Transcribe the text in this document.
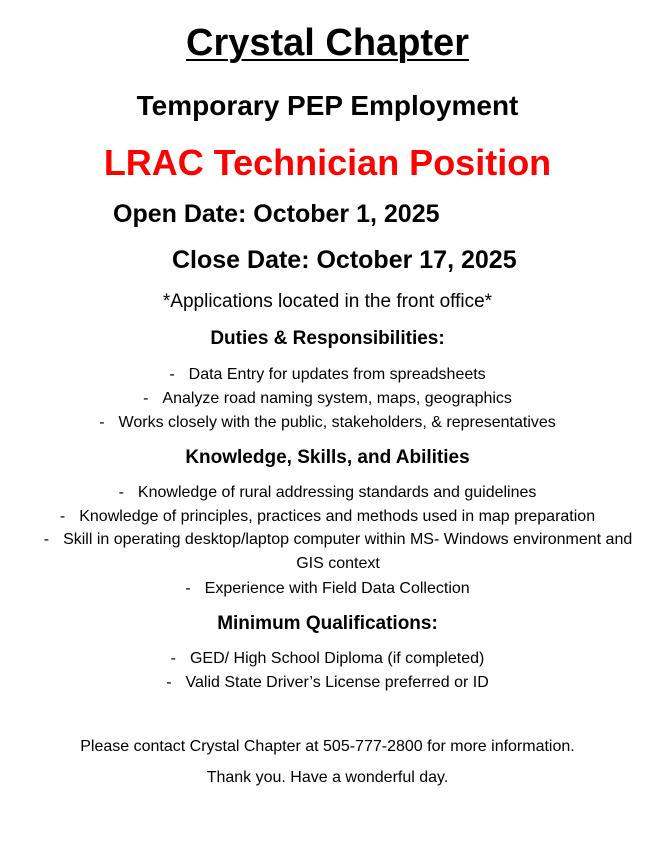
Crystal Chapter
Temporary PEP Employment
LRAC Technician Position
Open Date: October 1, 2025
Close Date: October 17, 2025
*Applications located in the front office*
Duties & Responsibilities:
- Data Entry for updates from spreadsheets
- Analyze road naming system, maps, geographics
- Works closely with the public, stakeholders, & representatives
Knowledge, Skills, and Abilities
- Knowledge of rural addressing standards and guidelines
- Knowledge of principles, practices and methods used in map preparation
- Skill in operating desktop/laptop computer within MS- Windows environment and GIS context
- Experience with Field Data Collection
Minimum Qualifications:
- GED/ High School Diploma (if completed)
- Valid State Driver’s License preferred or ID
Please contact Crystal Chapter at 505-777-2800 for more information.
Thank you. Have a wonderful day.
